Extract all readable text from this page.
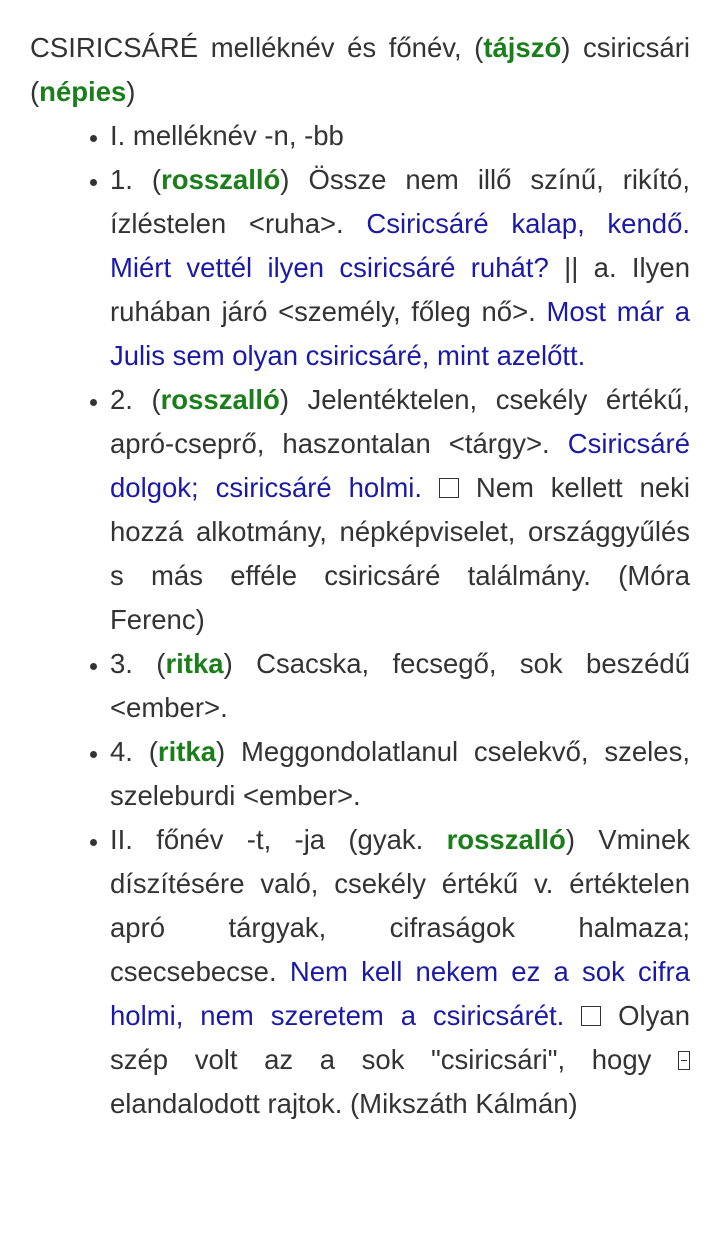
CSIRICSÁRÉ melléknév és főnév, (tájszó) csiricsári (népies)

• I. melléknév -n, -bb
• 1. (rosszalló) Össze nem illő színű, rikító, ízléstelen <ruha>. Csiricsáré kalap, kendő. Miért vettél ilyen csiricsáré ruhát? || a. Ilyen ruhában járó <személy, főleg nő>. Most már a Julis sem olyan csiricsáré, mint azelőtt.
• 2. (rosszalló) Jelentéktelen, csekély értékű, apró-cseprő, haszontalan <tárgy>. Csiricsáré dolgok; csiricsáré holmi. Nem kellett neki hozzá alkotmány, népképviselet, országgyűlés s más efféle csiricsáré találmány. (Móra Ferenc)
• 3. (ritka) Csacska, fecsegő, sok beszédű <ember>.
• 4. (ritka) Meggondolatlanul cselekvő, szeles, szeleburdi <ember>.
• II. főnév -t, -ja (gyak. rosszalló) Vminek díszítésére való, csekély értékű v. értéktelen apró tárgyak, cifraságok halmaza; csecsebecse. Nem kell nekem ez a sok cifra holmi, nem szeretem a csiricsárét. Olyan szép volt az a sok "csiricsári", hogy  elandalodott rajtok. (Mikszáth Kálmán)
